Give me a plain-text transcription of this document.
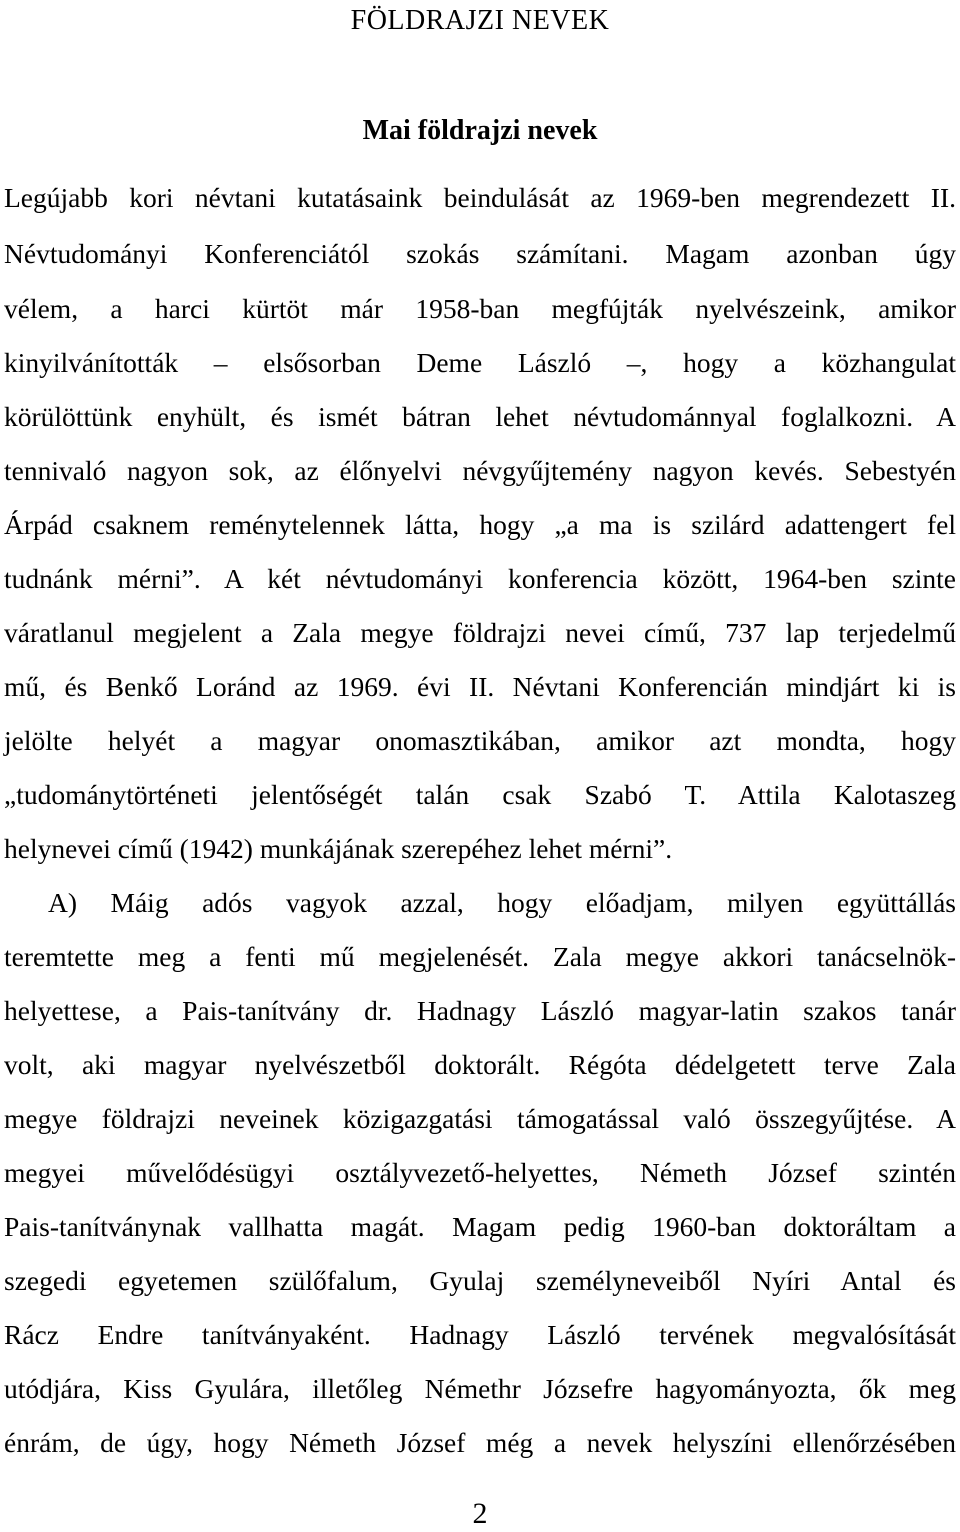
FÖLDRAJZI NEVEK
Mai földrajzi nevek
Legújabb kori névtani kutatásaink beindulását az 1969-ben megrendezett II.
Névtudományi Konferenciától szokás számítani. Magam azonban úgy
vélem, a harci kürtöt már 1958-ban megfújták nyelvészeink, amikor
kinyilvánították – elsősorban Deme László –, hogy a közhangulat
körülöttünk enyhült, és ismét bátran lehet névtudománnyal foglalkozni. A
tennivaló nagyon sok, az élőnyelvi névgyűjtemény nagyon kevés. Sebestyén
Árpád csaknem reménytelennek látta, hogy „a ma is szilárd adattengert fel
tudnánk mérni”. A két névtudományi konferencia között, 1964-ben szinte
váratlanul megjelent a Zala megye földrajzi nevei című, 737 lap terjedelmű
mű, és Benkő Loránd az 1969. évi II. Névtani Konferencián mindjárt ki is
jelölte helyét a magyar onomasztikában, amikor azt mondta, hogy
„tudománytörténeti jelentőségét talán csak Szabó T. Attila Kalotaszeg
helynevei című (1942) munkájának szerepéhez lehet mérni”.
A) Máig adós vagyok azzal, hogy előadjam, milyen együttállás
teremtette meg a fenti mű megjelenését. Zala megye akkori tanácselnök-
helyettese, a Pais-tanítvány dr. Hadnagy László magyar-latin szakos tanár
volt, aki magyar nyelvészetből doktorált. Régóta dédelgetett terve Zala
megye földrajzi neveinek közigazgatási támogatással való összegyűjtése. A
megyei művelődésügyi osztályvezető-helyettes, Németh József szintén
Pais-tanítványnak vallhatta magát. Magam pedig 1960-ban doktoráltam a
szegedi egyetemen szülőfalum, Gyulaj személyneveiből Nyíri Antal és
Rácz Endre tanítványaként. Hadnagy László tervének megvalósítását
utódjára, Kiss Gyulára, illetőleg Némethr Józsefre hagyományozta, ők meg
énrám, de úgy, hogy Németh József még a nevek helyszíni ellenőrzésében
2
